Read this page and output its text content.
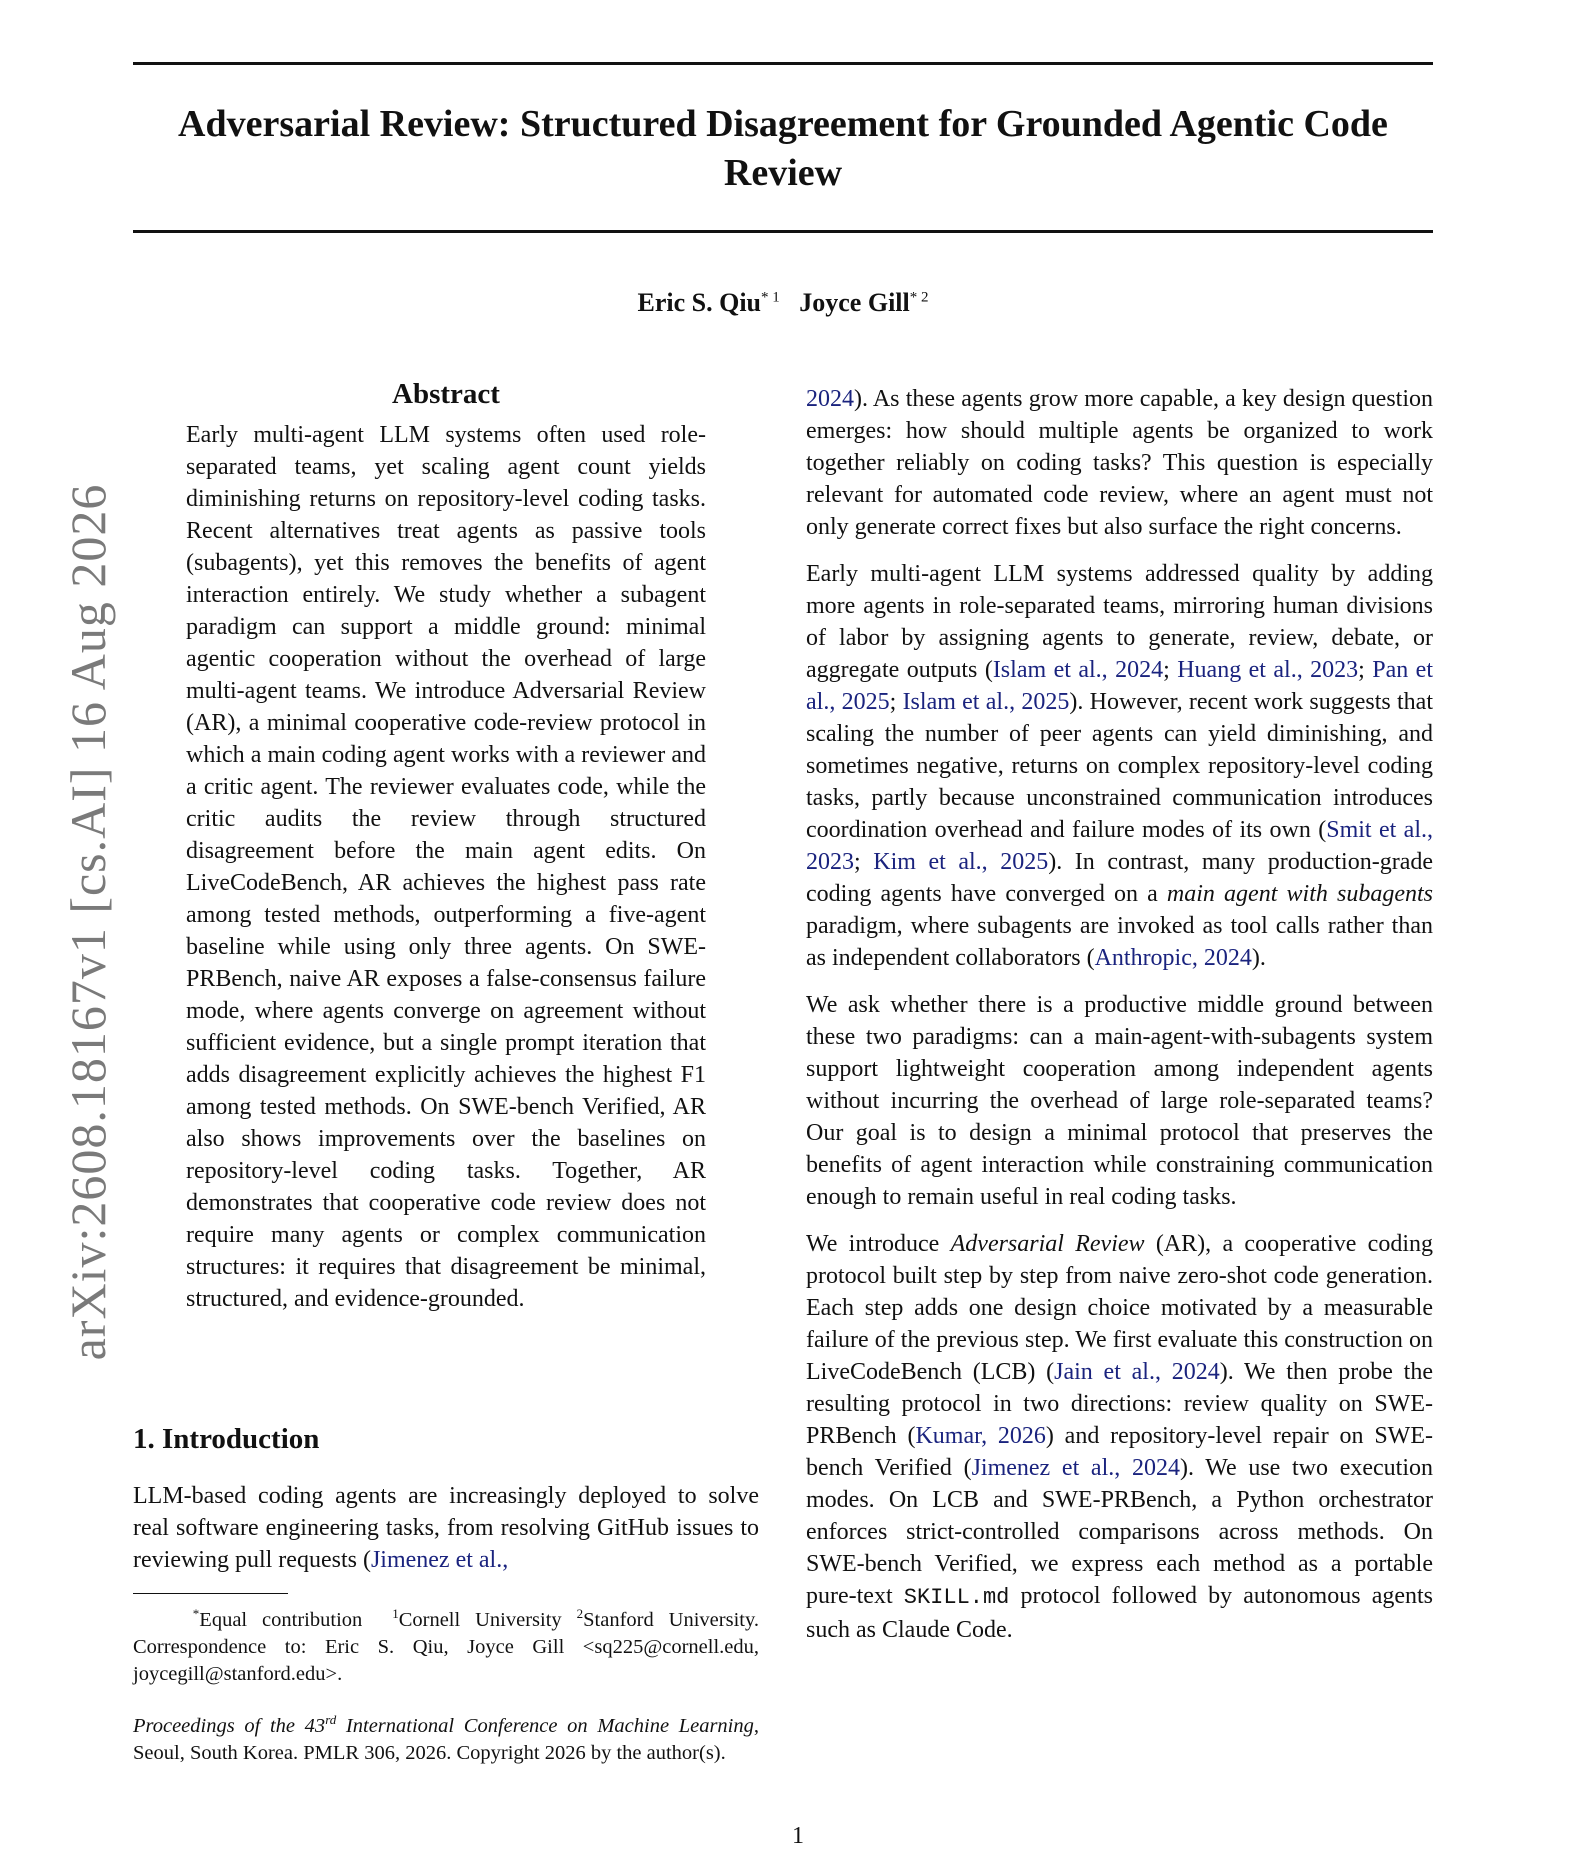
Adversarial Review: Structured Disagreement for Grounded Agentic Code Review
Eric S. Qiu$^{* 1}$ Joyce Gill$^{* 2}$
arXiv:2608.18167v1 [cs.AI] 16 Aug 2026
Abstract

Early multi-agent LLM systems often used role-separated teams, yet scaling agent count yields diminishing returns on repository-level coding tasks. Recent alternatives treat agents as passive tools (subagents), yet this removes the benefits of agent interaction entirely. We study whether a subagent paradigm can support a middle ground: minimal agentic cooperation without the overhead of large multi-agent teams. We introduce Adversarial Review (AR), a minimal cooperative code-review protocol in which a main coding agent works with a reviewer and a critic agent. The reviewer evaluates code, while the critic audits the review through structured disagreement before the main agent edits. On LiveCodeBench, AR achieves the highest pass rate among tested methods, outperforming a five-agent baseline while using only three agents. On SWE-PRBench, naive AR exposes a false-consensus failure mode, where agents converge on agreement without sufficient evidence, but a single prompt iteration that adds disagreement explicitly achieves the highest F1 among tested methods. On SWE-bench Verified, AR also shows improvements over the baselines on repository-level coding tasks. Together, AR demonstrates that cooperative code review does not require many agents or complex communication structures: it requires that disagreement be minimal, structured, and evidence-grounded.

1. Introduction

LLM-based coding agents are increasingly deployed to solve real software engineering tasks, from resolving GitHub issues to reviewing pull requests (Jimenez et al.,

*Equal contribution $^1$Cornell University $^2$Stanford University. Correspondence to: Eric S. Qiu, Joyce Gill <sq225@cornell.edu, joycegill@stanford.edu>.

Proceedings of the 43rd International Conference on Machine Learning, Seoul, South Korea. PMLR 306, 2026. Copyright 2026 by the author(s).

2024). As these agents grow more capable, a key design question emerges: how should multiple agents be organized to work together reliably on coding tasks? This question is especially relevant for automated code review, where an agent must not only generate correct fixes but also surface the right concerns.

Early multi-agent LLM systems addressed quality by adding more agents in role-separated teams, mirroring human divisions of labor by assigning agents to generate, review, debate, or aggregate outputs (Islam et al., 2024; Huang et al., 2023; Pan et al., 2025; Islam et al., 2025). However, recent work suggests that scaling the number of peer agents can yield diminishing, and sometimes negative, returns on complex repository-level coding tasks, partly because unconstrained communication introduces coordination overhead and failure modes of its own (Smit et al., 2023; Kim et al., 2025). In contrast, many production-grade coding agents have converged on a main agent with subagents paradigm, where subagents are invoked as tool calls rather than as independent collaborators (Anthropic, 2024).

We ask whether there is a productive middle ground between these two paradigms: can a main-agent-with-subagents system support lightweight cooperation among independent agents without incurring the overhead of large role-separated teams? Our goal is to design a minimal protocol that preserves the benefits of agent interaction while constraining communication enough to remain useful in real coding tasks.

We introduce Adversarial Review (AR), a cooperative coding protocol built step by step from naive zero-shot code generation. Each step adds one design choice motivated by a measurable failure of the previous step. We first evaluate this construction on LiveCodeBench (LCB) (Jain et al., 2024). We then probe the resulting protocol in two directions: review quality on SWE-PRBench (Kumar, 2026) and repository-level repair on SWE-bench Verified (Jimenez et al., 2024). We use two execution modes. On LCB and SWE-PRBench, a Python orchestrator enforces strict-controlled comparisons across methods. On SWE-bench Verified, we express each method as a portable pure-text SKILL.md protocol followed by autonomous agents such as Claude Code.

1
